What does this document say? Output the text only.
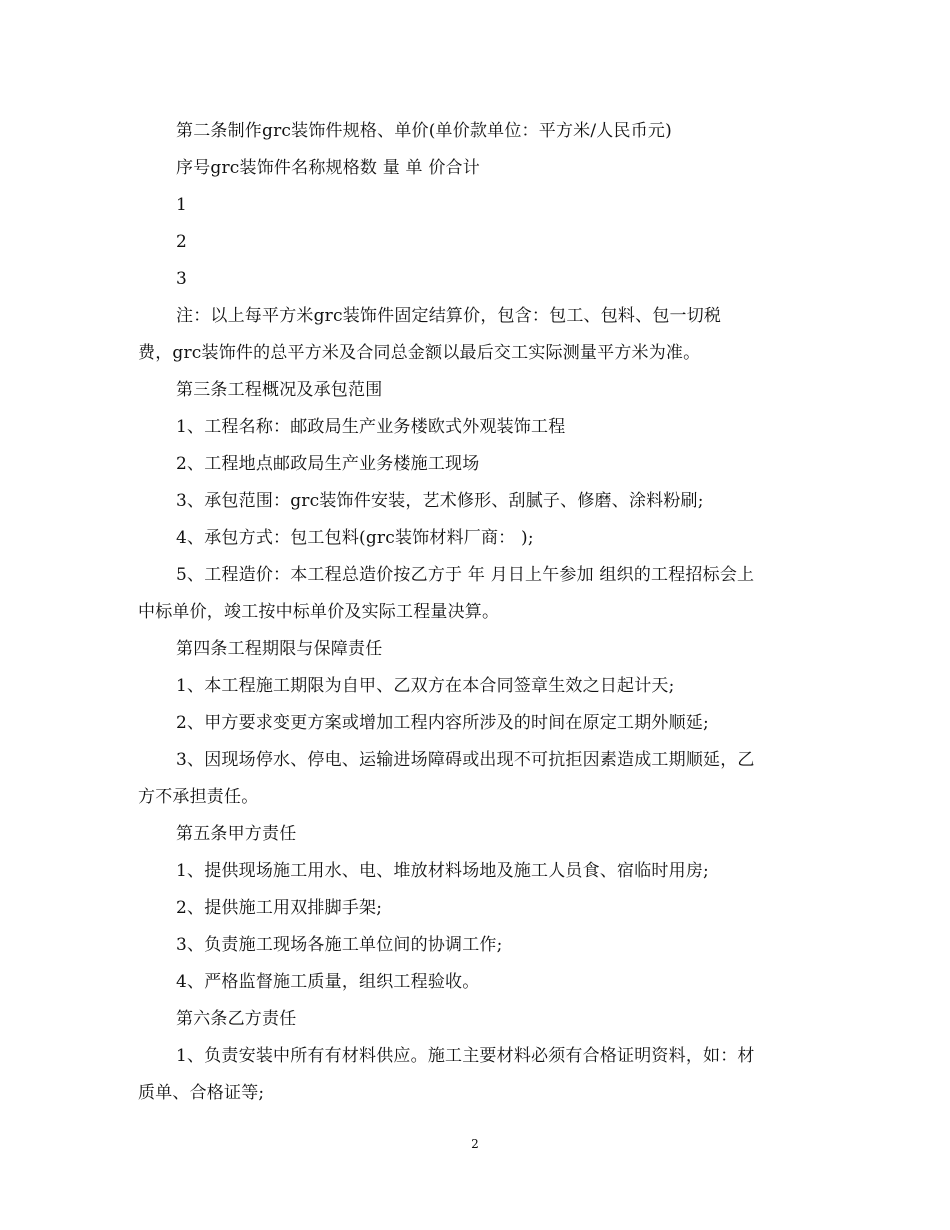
第二条制作grc装饰件规格、单价(单价款单位：平方米/人民币元)
序号grc装饰件名称规格数 量 单 价合计
1
2
3
注：以上每平方米grc装饰件固定结算价，包含：包工、包料、包一切税
费，grc装饰件的总平方米及合同总金额以最后交工实际测量平方米为准。
第三条工程概况及承包范围
1、工程名称：邮政局生产业务楼欧式外观装饰工程
2、工程地点邮政局生产业务楼施工现场
3、承包范围：grc装饰件安装，艺术修形、刮腻子、修磨、涂料粉刷;
4、承包方式：包工包料(grc装饰材料厂商： );
5、工程造价：本工程总造价按乙方于 年 月日上午参加 组织的工程招标会上
中标单价，竣工按中标单价及实际工程量决算。
第四条工程期限与保障责任
1、本工程施工期限为自甲、乙双方在本合同签章生效之日起计天;
2、甲方要求变更方案或增加工程内容所涉及的时间在原定工期外顺延;
3、因现场停水、停电、运输进场障碍或出现不可抗拒因素造成工期顺延，乙
方不承担责任。
第五条甲方责任
1、提供现场施工用水、电、堆放材料场地及施工人员食、宿临时用房;
2、提供施工用双排脚手架;
3、负责施工现场各施工单位间的协调工作;
4、严格监督施工质量，组织工程验收。
第六条乙方责任
1、负责安装中所有有材料供应。施工主要材料必须有合格证明资料，如：材
质单、合格证等;
2
